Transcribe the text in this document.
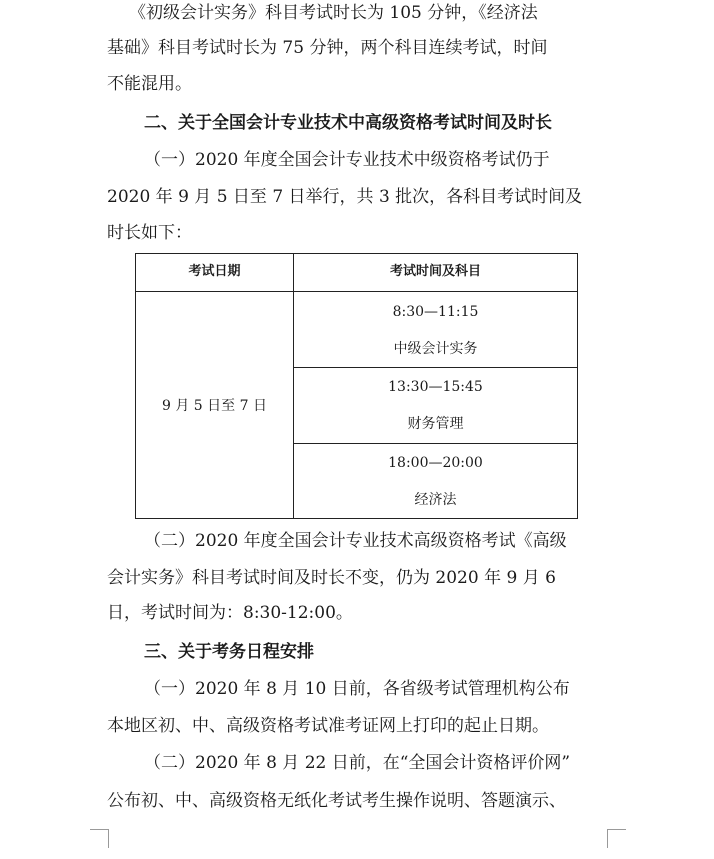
《初级会计实务》科目考试时长为 105 分钟，《经济法
基础》科目考试时长为 75 分钟，两个科目连续考试，时间
不能混用。
二、关于全国会计专业技术中高级资格考试时间及时长
（一）2020 年度全国会计专业技术中级资格考试仍于
2020 年 9 月 5 日至 7 日举行，共 3 批次，各科目考试时间及
时长如下：
考试日期	考试时间及科目
9 月 5 日至 7 日
8:30—11:15
中级会计实务
13:30—15:45
财务管理
18:00—20:00
经济法
（二）2020 年度全国会计专业技术高级资格考试《高级
会计实务》科目考试时间及时长不变，仍为 2020 年 9 月 6
日，考试时间为：8:30-12:00。
三、关于考务日程安排
（一）2020 年 8 月 10 日前，各省级考试管理机构公布
本地区初、中、高级资格考试准考证网上打印的起止日期。
（二）2020 年 8 月 22 日前，在“全国会计资格评价网”
公布初、中、高级资格无纸化考试考生操作说明、答题演示、
